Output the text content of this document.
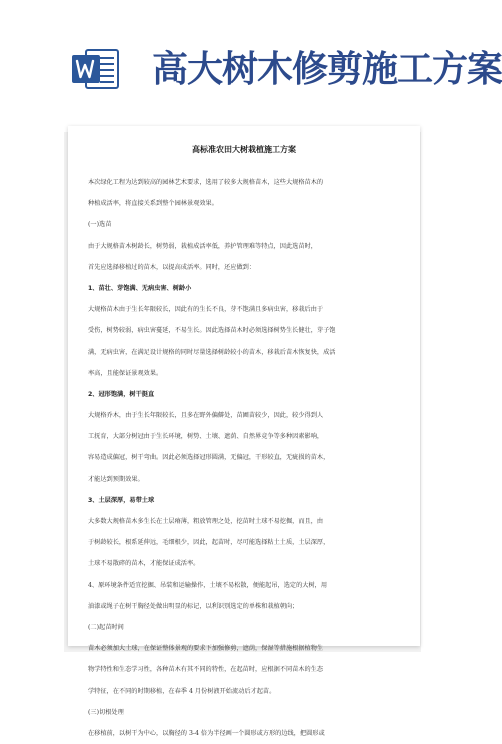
高大树木修剪施工方案
高标准农田大树栽植施工方案
本次绿化工程为达到较高的园林艺术要求，选用了较多大规格苗木，这些大规格苗木的
种植成活率，将直接关系到整个园林景观效果。
(一)选苗
由于大规格苗木树龄长，树势弱，栽植成活率低，养护管理难等特点，因此选苗时，
首先应选择移植过的苗木，以提高成活率。同时，还应做到：
1、苗壮、芽饱满、无病虫害、树龄小
大规格苗木由于生长年限较长，因此有的生长不良，芽不饱满且多病虫害，移栽后由于
受伤，树势较弱，病虫害蔓延，不易生长。因此选择苗木时必须选择树势生长健壮，芽子饱
满，无病虫害，在满足设计规格的同时尽量选择树龄较小的苗木，移栽后苗木恢复快，成活
率高，且能保证景观效果。
2、冠形饱满，树干挺直
大规格乔木，由于生长年限较长，且多在野外偏僻处，苗圃苗较少，因此，较少得到人
工抚育，大部分树冠由于生长环境，树势、土壤、遮荫、自然界竞争等多种因素影响，
容易造成偏冠，树干弯曲。因此必须选择冠形圆满，无偏冠，干形较直，无疵损的苗木，
才能达到预期效果。
3、土层深厚，易带土球
大多数大规格苗木多生长在土层瘠薄，粗放管理之处，挖苗时土球不易挖掘，而且，由
于树龄较长，根系延伸远，毛细根少，因此，起苗时，尽可能选择粘土土质，土层深厚，
土球不易散碎的苗木，才能保证成活率。
4、原环境条件适宜挖掘、吊装和运输操作，土壤不易松散，便能起吊，选定的大树，用
油漆或绳子在树干胸径处做出明显的标记，以利识别选定的单株和栽植朝向；
(二)起苗时间
苗木必须加大土球，在保证整体景观的要求下加强修剪，遮荫，保湿等措施根据植物生
物学特性和生态学习性，各种苗木有其不同的特性，在起苗时，应根据不同苗木的生态
学特征，在不同的时期移植，在春季 4 月份树液开始流动后才起苗。
(三)切根处理
在移植前，以树干为中心，以胸径的 3-4 倍为半径画一个圆形或方形的边线，把圆形或
